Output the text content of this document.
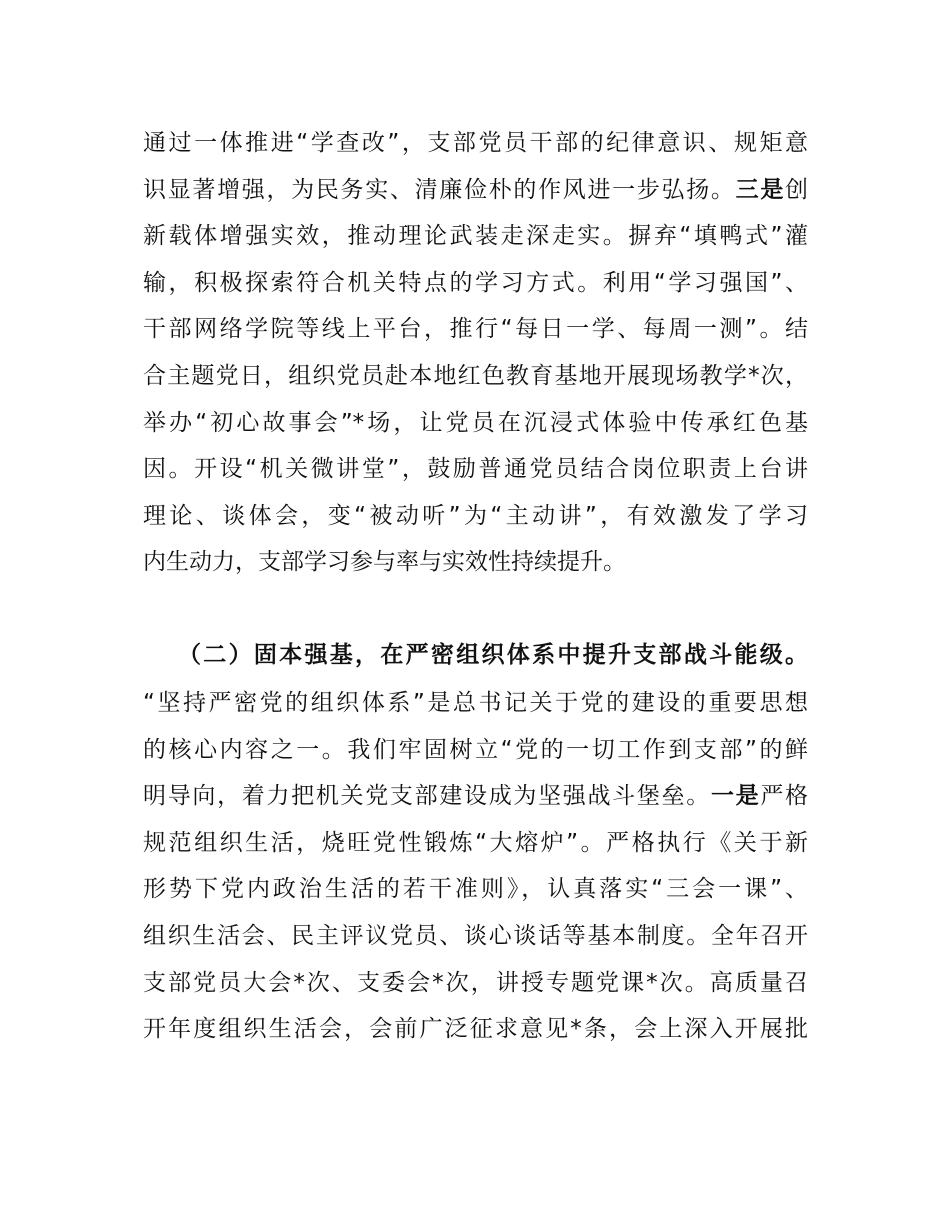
通过一体推进“学查改”，支部党员干部的纪律意识、规矩意
识显著增强，为民务实、清廉俭朴的作风进一步弘扬。三是创
新载体增强实效，推动理论武装走深走实。摒弃“填鸭式”灌
输，积极探索符合机关特点的学习方式。利用“学习强国”、
干部网络学院等线上平台，推行“每日一学、每周一测”。结
合主题党日，组织党员赴本地红色教育基地开展现场教学*次，
举办“初心故事会”*场，让党员在沉浸式体验中传承红色基
因。开设“机关微讲堂”，鼓励普通党员结合岗位职责上台讲
理论、谈体会，变“被动听”为“主动讲”，有效激发了学习
内生动力，支部学习参与率与实效性持续提升。
（二）固本强基，在严密组织体系中提升支部战斗能级。
“坚持严密党的组织体系”是总书记关于党的建设的重要思想
的核心内容之一。我们牢固树立“党的一切工作到支部”的鲜
明导向，着力把机关党支部建设成为坚强战斗堡垒。一是严格
规范组织生活，烧旺党性锻炼“大熔炉”。严格执行《关于新
形势下党内政治生活的若干准则》，认真落实“三会一课”、
组织生活会、民主评议党员、谈心谈话等基本制度。全年召开
支部党员大会*次、支委会*次，讲授专题党课*次。高质量召
开年度组织生活会，会前广泛征求意见*条，会上深入开展批
